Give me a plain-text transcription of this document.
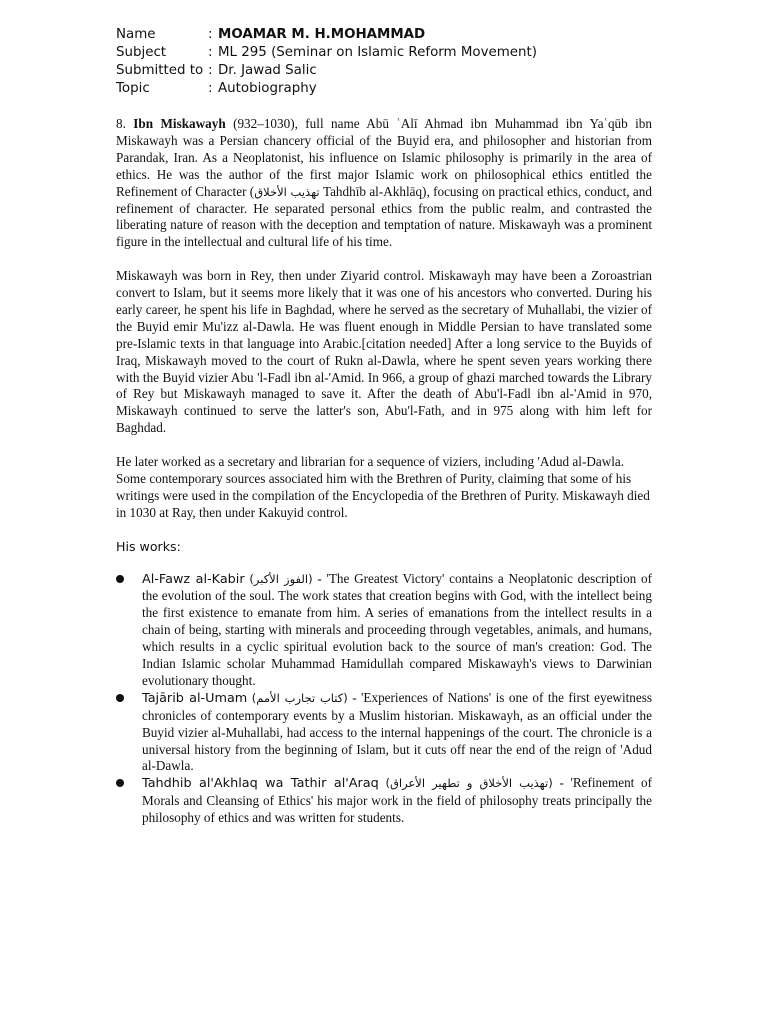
Name	: MOAMAR M. H.MOHAMMAD
Subject	: ML 295 (Seminar on Islamic Reform Movement)
Submitted to : Dr. Jawad Salic
Topic	: Autobiography

8. Ibn Miskawayh (932–1030), full name Abū ʿAlī Ahmad ibn Muhammad ibn Yaʿqūb ibn Miskawayh was a Persian chancery official of the Buyid era, and philosopher and historian from Parandak, Iran. As a Neoplatonist, his influence on Islamic philosophy is primarily in the area of ethics. He was the author of the first major Islamic work on philosophical ethics entitled the Refinement of Character (تهذيب الأخلاق Tahdhīb al-Akhlāq), focusing on practical ethics, conduct, and refinement of character. He separated personal ethics from the public realm, and contrasted the liberating nature of reason with the deception and temptation of nature. Miskawayh was a prominent figure in the intellectual and cultural life of his time.

Miskawayh was born in Rey, then under Ziyarid control. Miskawayh may have been a Zoroastrian convert to Islam, but it seems more likely that it was one of his ancestors who converted. During his early career, he spent his life in Baghdad, where he served as the secretary of Muhallabi, the vizier of the Buyid emir Mu'izz al-Dawla. He was fluent enough in Middle Persian to have translated some pre-Islamic texts in that language into Arabic.[citation needed] After a long service to the Buyids of Iraq, Miskawayh moved to the court of Rukn al-Dawla, where he spent seven years working there with the Buyid vizier Abu 'l-Fadl ibn al-'Amid. In 966, a group of ghazi marched towards the Library of Rey but Miskawayh managed to save it. After the death of Abu'l-Fadl ibn al-'Amid in 970, Miskawayh continued to serve the latter's son, Abu'l-Fath, and in 975 along with him left for Baghdad.

He later worked as a secretary and librarian for a sequence of viziers, including 'Adud al-Dawla. Some contemporary sources associated him with the Brethren of Purity, claiming that some of his writings were used in the compilation of the Encyclopedia of the Brethren of Purity. Miskawayh died in 1030 at Ray, then under Kakuyid control.

His works:
Al-Fawz al-Kabir (الفوز الأكبر) - 'The Greatest Victory' contains a Neoplatonic description of the evolution of the soul. The work states that creation begins with God, with the intellect being the first existence to emanate from him. A series of emanations from the intellect results in a chain of being, starting with minerals and proceeding through vegetables, animals, and humans, which results in a cyclic spiritual evolution back to the source of man's creation: God. The Indian Islamic scholar Muhammad Hamidullah compared Miskawayh's views to Darwinian evolutionary thought.
Tajārib al-Umam (كتاب تجارب الأمم) - 'Experiences of Nations' is one of the first eyewitness chronicles of contemporary events by a Muslim historian. Miskawayh, as an official under the Buyid vizier al-Muhallabi, had access to the internal happenings of the court. The chronicle is a universal history from the beginning of Islam, but it cuts off near the end of the reign of 'Adud al-Dawla.
Tahdhib al'Akhlaq wa Tathir al'Araq (تهذيب الأخلاق و تطهير الأعراق) - 'Refinement of Morals and Cleansing of Ethics' his major work in the field of philosophy treats principally the philosophy of ethics and was written for students.
